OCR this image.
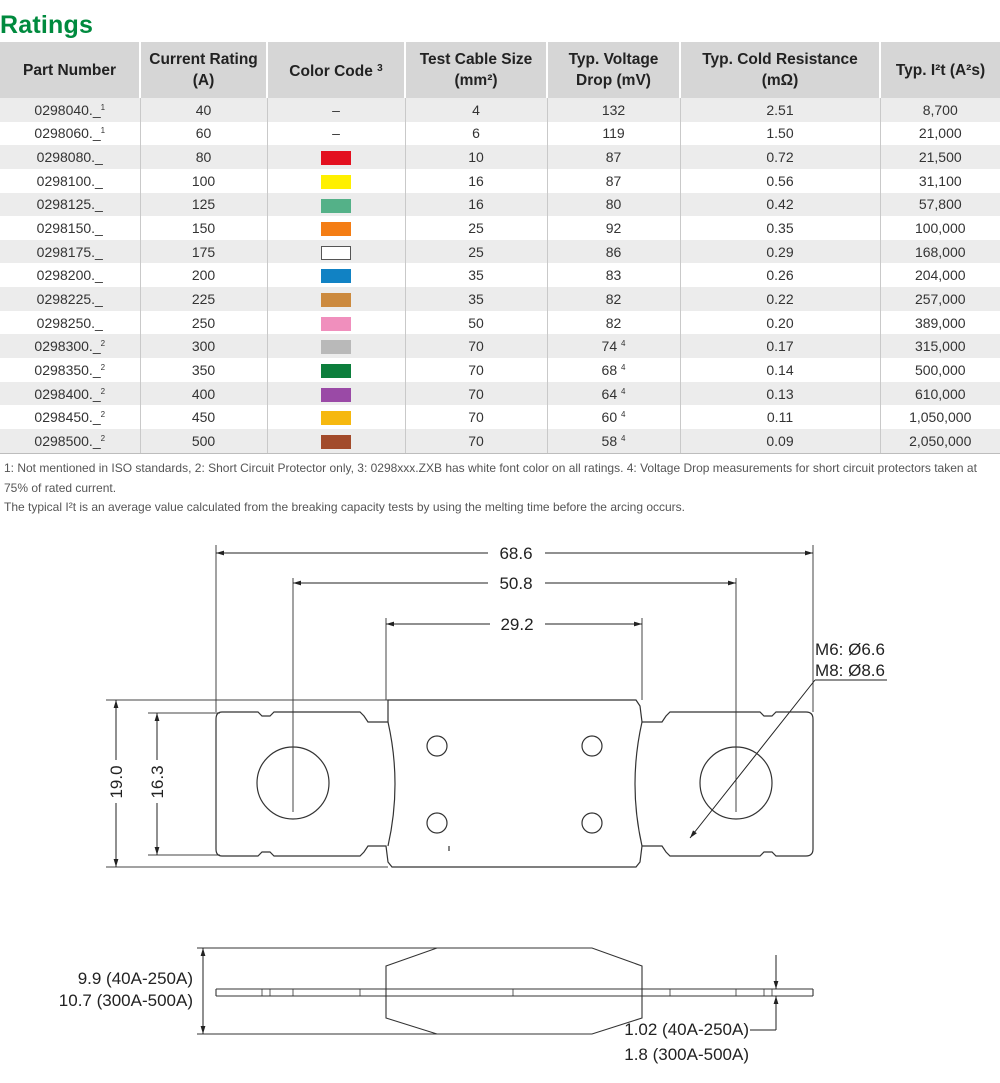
Ratings
Part Number	Current Rating (A)	Color Code $^3$	Test Cable Size (mm²)	Typ. Voltage Drop (mV)	Typ. Cold Resistance (mΩ)	Typ. I²t (A²s)
0298040._$^1$	40	–	4	132	2.51	8,700
0298060._$^1$	60	–	6	119	1.50	21,000
0298080._	80		10	87	0.72	21,500
0298100._	100		16	87	0.56	31,100
0298125._	125		16	80	0.42	57,800
0298150._	150		25	92	0.35	100,000
0298175._	175		25	86	0.29	168,000
0298200._	200		35	83	0.26	204,000
0298225._	225		35	82	0.22	257,000
0298250._	250		50	82	0.20	389,000
0298300._$^2$	300		70	74 $^4$	0.17	315,000
0298350._$^2$	350		70	68 $^4$	0.14	500,000
0298400._$^2$	400		70	64 $^4$	0.13	610,000
0298450._$^2$	450		70	60 $^4$	0.11	1,050,000
0298500._$^2$	500		70	58 $^4$	0.09	2,050,000

1: Not mentioned in ISO standards, 2: Short Circuit Protector only, 3: 0298xxx.ZXB has white font color on all ratings. 4: Voltage Drop measurements for short circuit protectors taken at 75% of rated current.

The typical I²t is an average value calculated from the breaking capacity tests by using the melting time before the arcing occurs.

68.6
50.8
29.2
19.0 16.3
M6: Ø6.6
M8: Ø8.6
9.9 (40A-250A)
10.7 (300A-500A)
1.02 (40A-250A)
1.8 (300A-500A)
